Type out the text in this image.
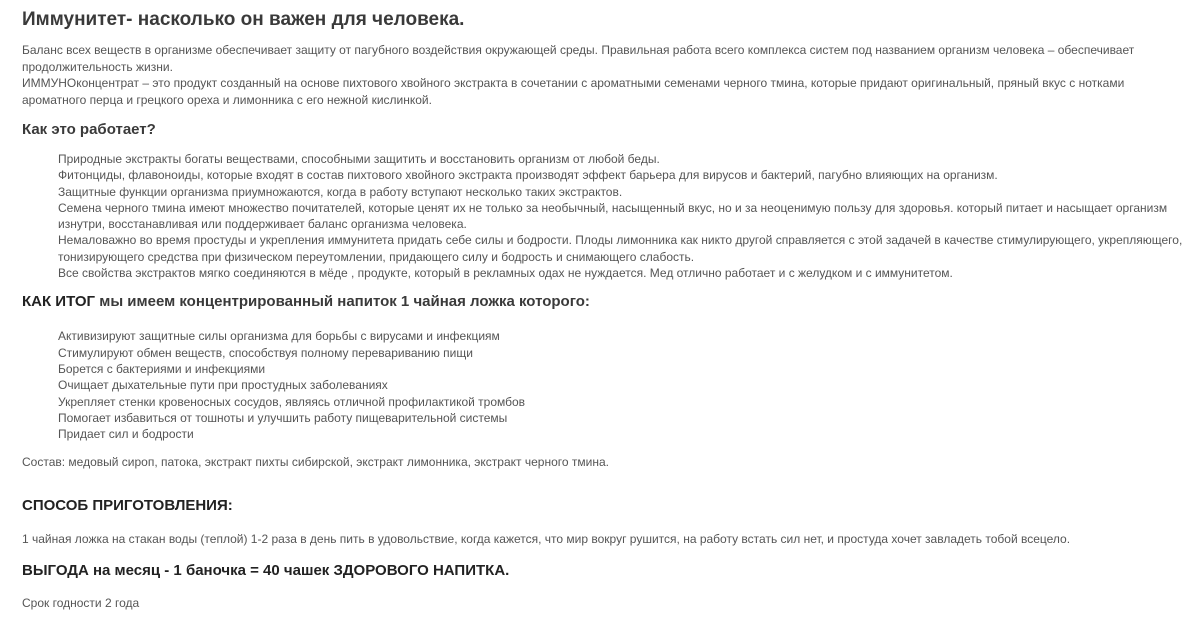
Иммунитет- насколько он важен для человека.

Баланс всех веществ в организме обеспечивает защиту от пагубного воздействия окружающей среды. Правильная работа всего комплекса систем под названием организм человека – обеспечивает продолжительность жизни.

ИММУНОконцентрат – это продукт созданный на основе пихтового хвойного экстракта в сочетании с ароматными семенами черного тмина, которые придают оригинальный, пряный вкус с нотками ароматного перца и грецкого ореха и лимонника с его нежной кислинкой.

Как это работает?
Природные экстракты богаты веществами, способными защитить и восстановить организм от любой беды.
Фитонциды, флавоноиды, которые входят в состав пихтового хвойного экстракта производят эффект барьера для вирусов и бактерий, пагубно влияющих на организм.
Защитные функции организма приумножаются, когда в работу вступают несколько таких экстрактов.
Семена черного тмина имеют множество почитателей, которые ценят их не только за необычный, насыщенный вкус, но и за неоценимую пользу для здоровья. который питает и насыщает организм изнутри, восстанавливая или поддерживает баланс организма человека.
Немаловажно во время простуды и укрепления иммунитета придать себе силы и бодрости. Плоды лимонника как никто другой справляется с этой задачей в качестве стимулирующего, укрепляющего, тонизирующего средства при физическом переутомлении, придающего силу и бодрость и снимающего слабость.
Все свойства экстрактов мягко соединяются в мёде , продукте, который в рекламных одах не нуждается. Мед отлично работает и с желудком и с иммунитетом.
КАК ИТОГ мы имеем концентрированный напиток 1 чайная ложка которого:
Активизируют защитные силы организма для борьбы с вирусами и инфекциям
Стимулируют обмен веществ, способствуя полному перевариванию пищи
Борется с бактериями и инфекциями
Очищает дыхательные пути при простудных заболеваниях
Укрепляет стенки кровеносных сосудов, являясь отличной профилактикой тромбов
Помогает избавиться от тошноты и улучшить работу пищеварительной системы
Придает сил и бодрости

Состав: медовый сироп, патока, экстракт пихты сибирской, экстракт лимонника, экстракт черного тмина.

СПОСОБ ПРИГОТОВЛЕНИЯ:

1 чайная ложка на стакан воды (теплой) 1-2 раза в день пить в удовольствие, когда кажется, что мир вокруг рушится, на работу встать сил нет, и простуда хочет завладеть тобой всецело.

ВЫГОДА на месяц - 1 баночка = 40 чашек ЗДОРОВОГО НАПИТКА.

Срок годности 2 года
